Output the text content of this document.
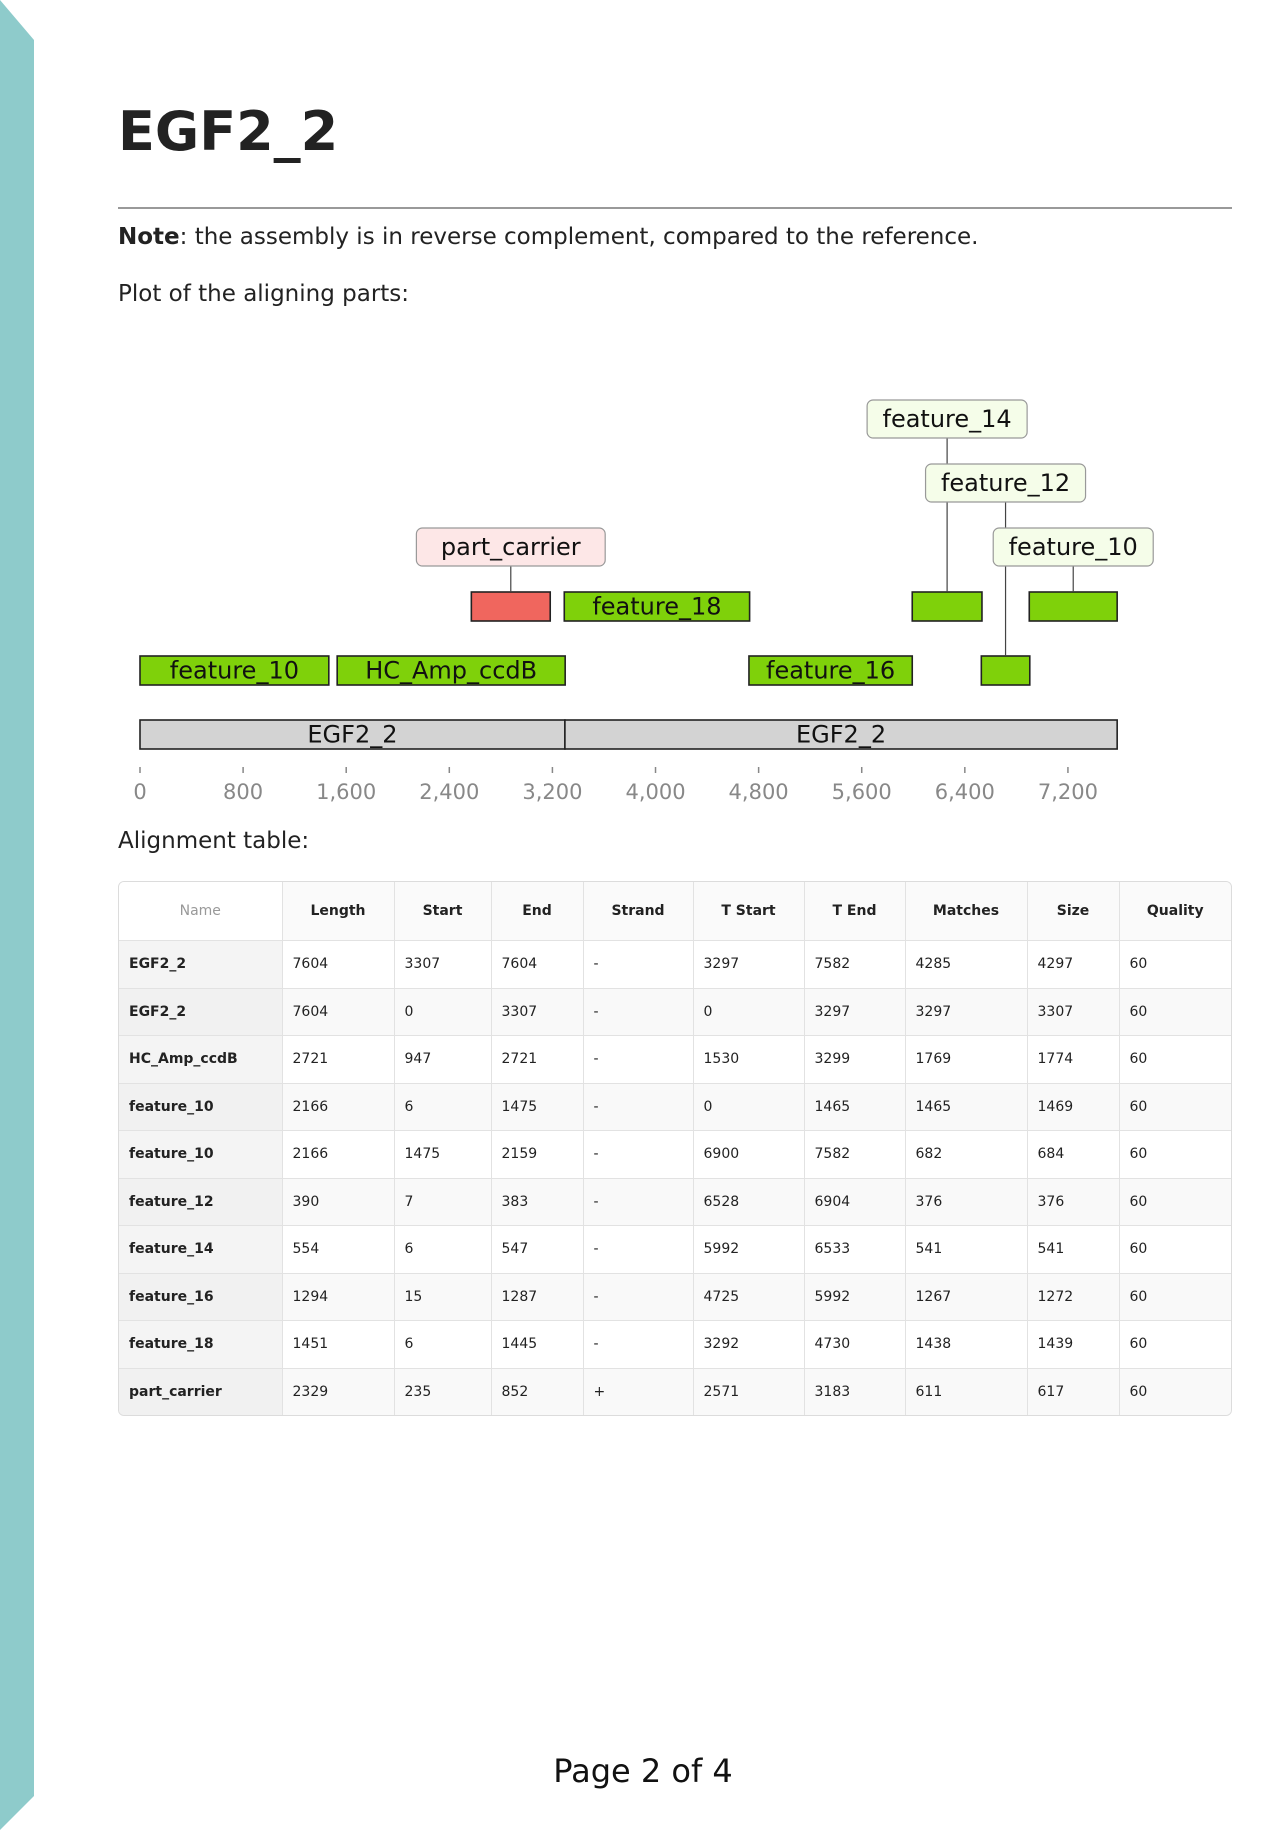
EGF2_2

Note: the assembly is in reverse complement, compared to the reference.

Plot of the aligning parts:

EGF2_2	EGF2_2
0	800	1,600 2,400 3,200 4,000 4,800 5,600 6,400 7,200
feature_10	HC_Amp_ccdB
part_carrier
feature_18
feature_16
feature_14
feature_12
feature_10

Alignment table:

Name	Length	Start	End	Strand	T Start	T End	Matches	Size	Quality
EGF2_2	7604	3307	7604	-	3297	7582	4285	4297	60
EGF2_2	7604	0	3307	-	0	3297	3297	3307	60
HC_Amp_ccdB	2721	947	2721	-	1530	3299	1769	1774	60
feature_10	2166	6	1475	-	0	1465	1465	1469	60
feature_10	2166	1475	2159	-	6900	7582	682	684	60
feature_12	390	7	383	-	6528	6904	376	376	60
feature_14	554	6	547	-	5992	6533	541	541	60
feature_16	1294	15	1287	-	4725	5992	1267	1272	60
feature_18	1451	6	1445	-	3292	4730	1438	1439	60
part_carrier	2329	235	852	+	2571	3183	611	617	60
Page 2 of 4
